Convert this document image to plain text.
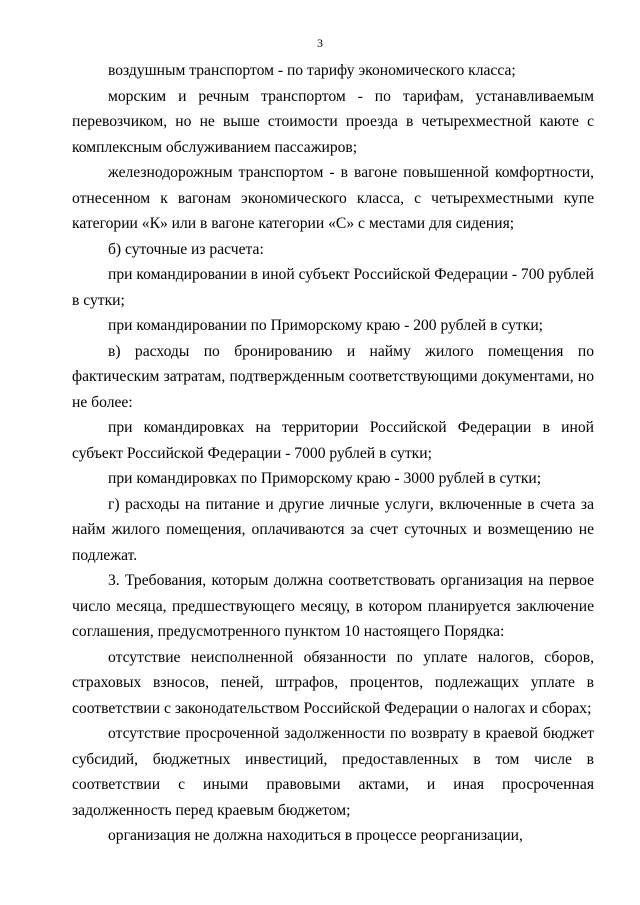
3

воздушным транспортом - по тарифу экономического класса;

морским и речным транспортом - по тарифам, устанавливаемым перевозчиком, но не выше стоимости проезда в четырехместной каюте с комплексным обслуживанием пассажиров;

железнодорожным транспортом - в вагоне повышенной комфортности, отнесенном к вагонам экономического класса, с четырехместными купе категории «К» или в вагоне категории «С» с местами для сидения;

б) суточные из расчета:

при командировании в иной субъект Российской Федерации - 700 рублей в сутки;

при командировании по Приморскому краю - 200 рублей в сутки;

в) расходы по бронированию и найму жилого помещения по фактическим затратам, подтвержденным соответствующими документами, но не более:

при командировках на территории Российской Федерации в иной субъект Российской Федерации - 7000 рублей в сутки;

при командировках по Приморскому краю - 3000 рублей в сутки;

г) расходы на питание и другие личные услуги, включенные в счета за найм жилого помещения, оплачиваются за счет суточных и возмещению не подлежат.

3. Требования, которым должна соответствовать организация на первое число месяца, предшествующего месяцу, в котором планируется заключение соглашения, предусмотренного пунктом 10 настоящего Порядка:

отсутствие неисполненной обязанности по уплате налогов, сборов, страховых взносов, пеней, штрафов, процентов, подлежащих уплате в соответствии с законодательством Российской Федерации о налогах и сборах;

отсутствие просроченной задолженности по возврату в краевой бюджет субсидий, бюджетных инвестиций, предоставленных в том числе в соответствии с иными правовыми актами, и иная просроченная задолженность перед краевым бюджетом;

организация не должна находиться в процессе реорганизации,
